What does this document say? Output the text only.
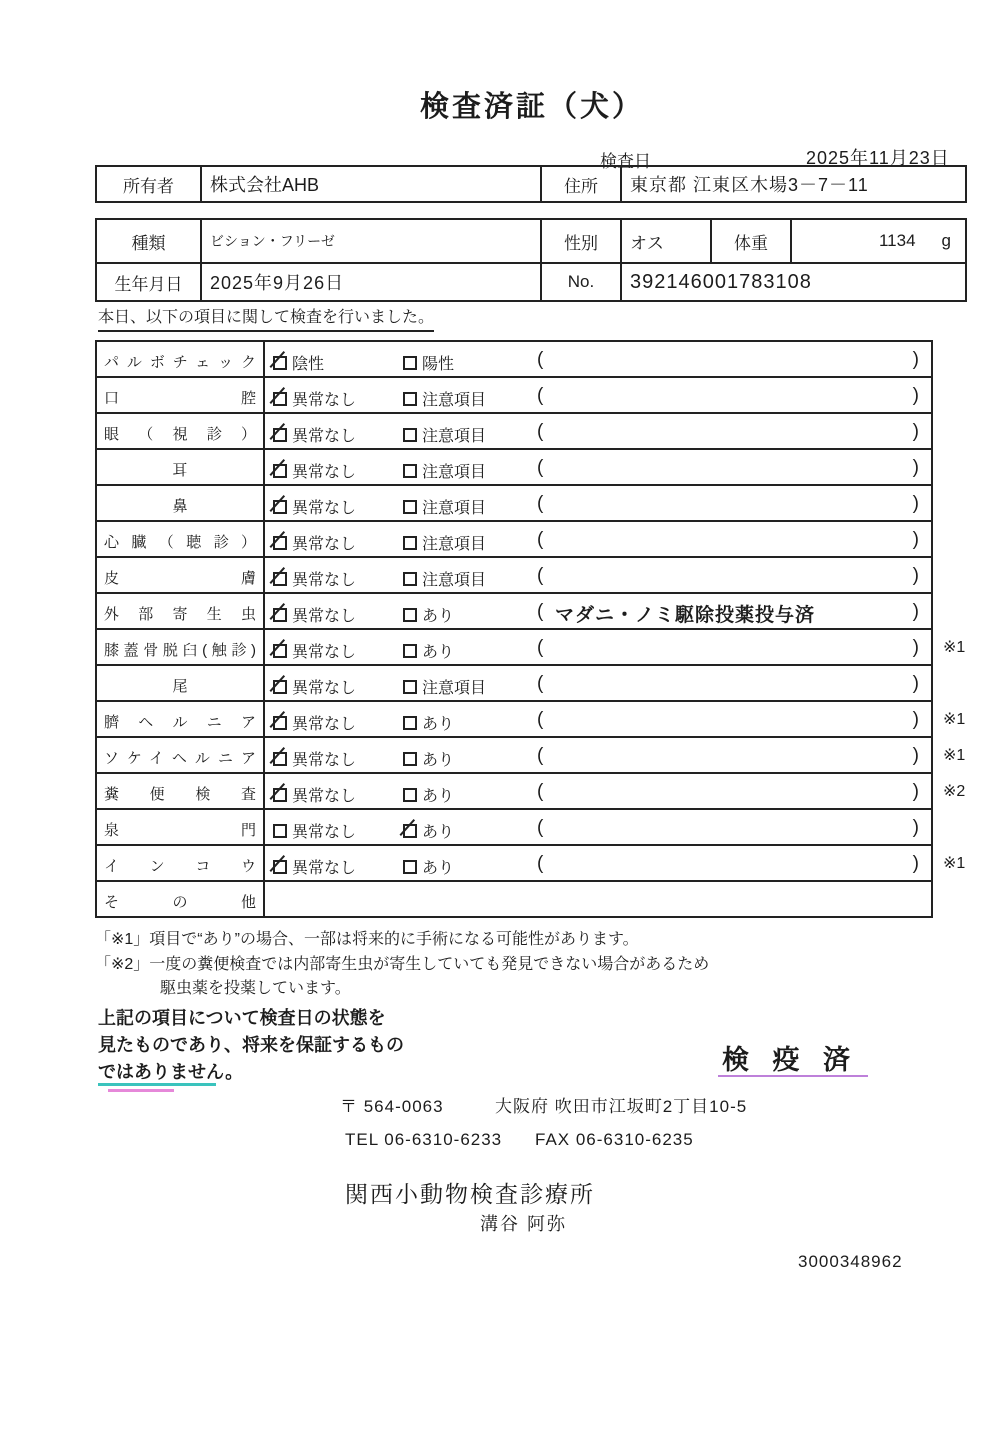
検査済証（犬）
検査日	2025年11月23日
所有者	株式会社AHB	住所	東京都 江東区木場3－7－11
種類	ビション・フリーゼ	性別	オス	体重	1134 g

生年月日	2025年9月26日	No.	392146001783108		
本日、以下の項目に関して検査を行いました。
パルボチェック	陰性	陽性	(	)
口腔	異常なし	注意項目	(	)
眼（視診）	異常なし	注意項目	(	)
耳	異常なし	注意項目	(	)
鼻	異常なし	注意項目	(	)
心臓（聴診）	異常なし	注意項目	(	)
皮膚	異常なし	注意項目	(	)
外部寄生虫	異常なし	あり	( マダニ・ノミ駆除投薬投与済	)
膝蓋骨脱臼(触診)	異常なし	あり	(	)	※1
尾	異常なし	注意項目	(	)
臍ヘルニア	異常なし	あり	(	)	※1
ソケイヘルニア	異常なし	あり	(	)	※1
糞便検査	異常なし	あり	(	)	※2
泉門	異常なし	あり	(	)
インコウ	異常なし	あり	(	)	※1
その他
「※1」項目で“あり”の場合、一部は将来的に手術になる可能性があります。
「※2」一度の糞便検査では内部寄生虫が寄生していても発見できない場合があるため
駆虫薬を投薬しています。
上記の項目について検査日の状態を
見たものであり、将来を保証するもの
ではありません。	検 疫 済
〒 564-0063	大阪府 吹田市江坂町2丁目10-5
TEL 06-6310-6233 FAX 06-6310-6235
関西小動物検査診療所
溝谷 阿弥
3000348962
